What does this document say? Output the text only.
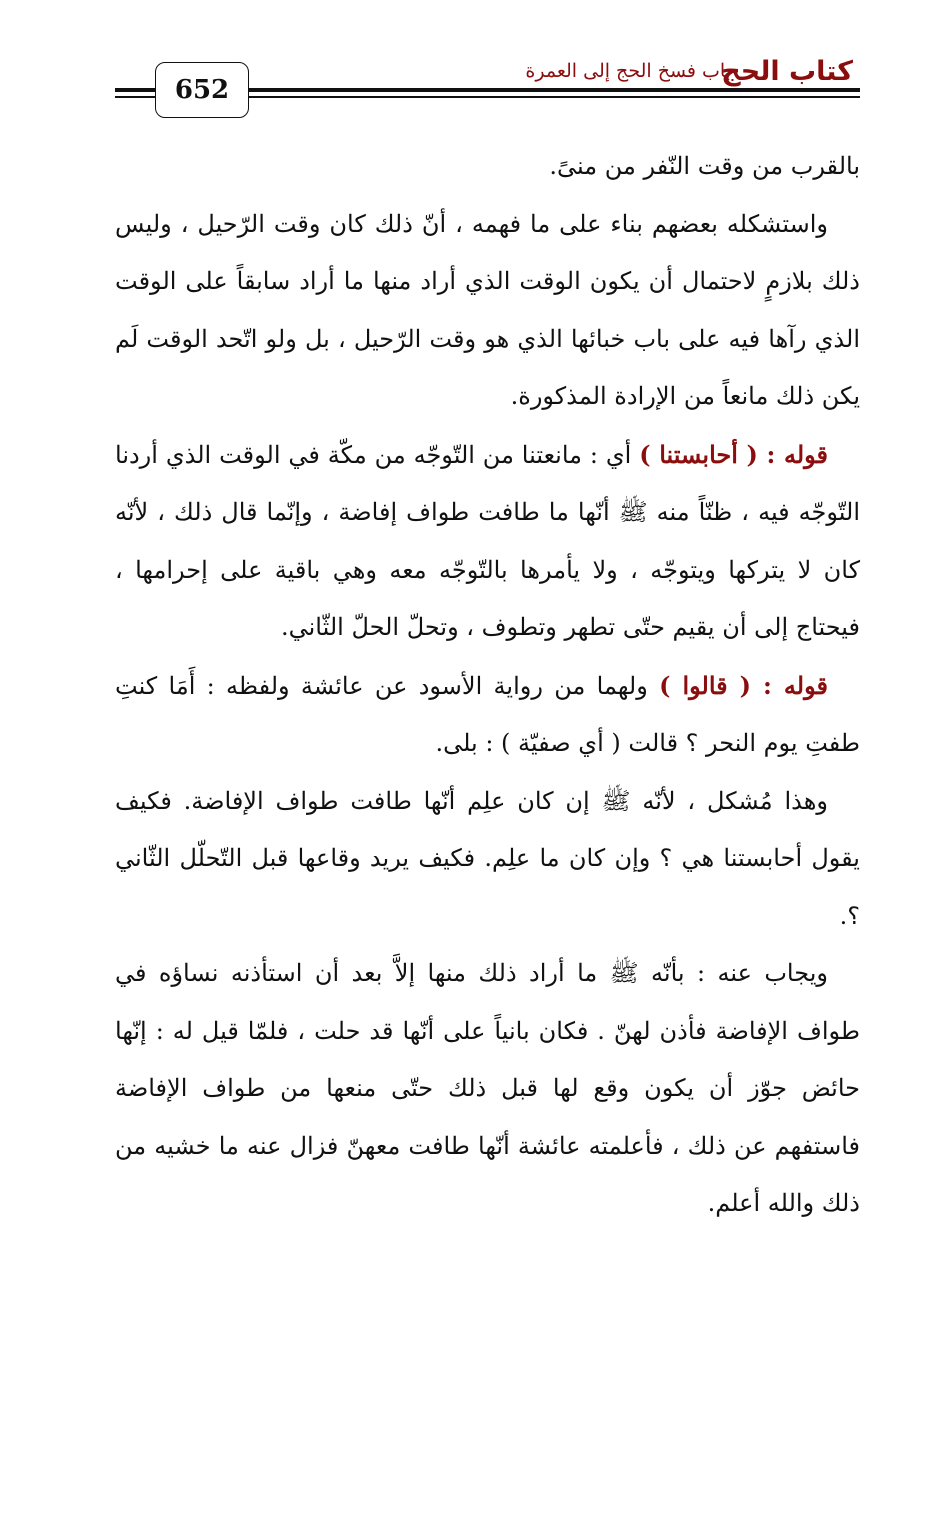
كتاب الحج
باب فسخ الحج إلى العمرة
652

بالقرب من وقت النّفر من منىً.

واستشكله بعضهم بناء على ما فهمه ، أنّ ذلك كان وقت الرّحيل ، وليس ذلك بلازمٍ لاحتمال أن يكون الوقت الذي أراد منها ما أراد سابقاً على الوقت الذي رآها فيه على باب خبائها الذي هو وقت الرّحيل ، بل ولو اتّحد الوقت لَم يكن ذلك مانعاً من الإرادة المذكورة.

قوله : ( أحابستنا ) أي : مانعتنا من التّوجّه من مكّة في الوقت الذي أردنا التّوجّه فيه ، ظنّاً منه ﷺ أنّها ما طافت طواف إفاضة ، وإنّما قال ذلك ، لأنّه كان لا يتركها ويتوجّه ، ولا يأمرها بالتّوجّه معه وهي باقية على إحرامها ، فيحتاج إلى أن يقيم حتّى تطهر وتطوف ، وتحلّ الحلّ الثّاني.

قوله : ( قالوا ) ولهما من رواية الأسود عن عائشة ولفظه : أَمَا كنتِ طفتِ يوم النحر ؟ قالت ( أي صفيّة ) : بلى.

وهذا مُشكل ، لأنّه ﷺ إن كان علِم أنّها طافت طواف الإفاضة. فكيف يقول أحابستنا هي ؟ وإن كان ما علِم. فكيف يريد وقاعها قبل التّحلّل الثّاني ؟.

ويجاب عنه : بأنّه ﷺ ما أراد ذلك منها إلاَّ بعد أن استأذنه نساؤه في طواف الإفاضة فأذن لهنّ . فكان بانياً على أنّها قد حلت ، فلمّا قيل له : إنّها حائض جوّز أن يكون وقع لها قبل ذلك حتّى منعها من طواف الإفاضة فاستفهم عن ذلك ، فأعلمته عائشة أنّها طافت معهنّ فزال عنه ما خشيه من ذلك والله أعلم.
